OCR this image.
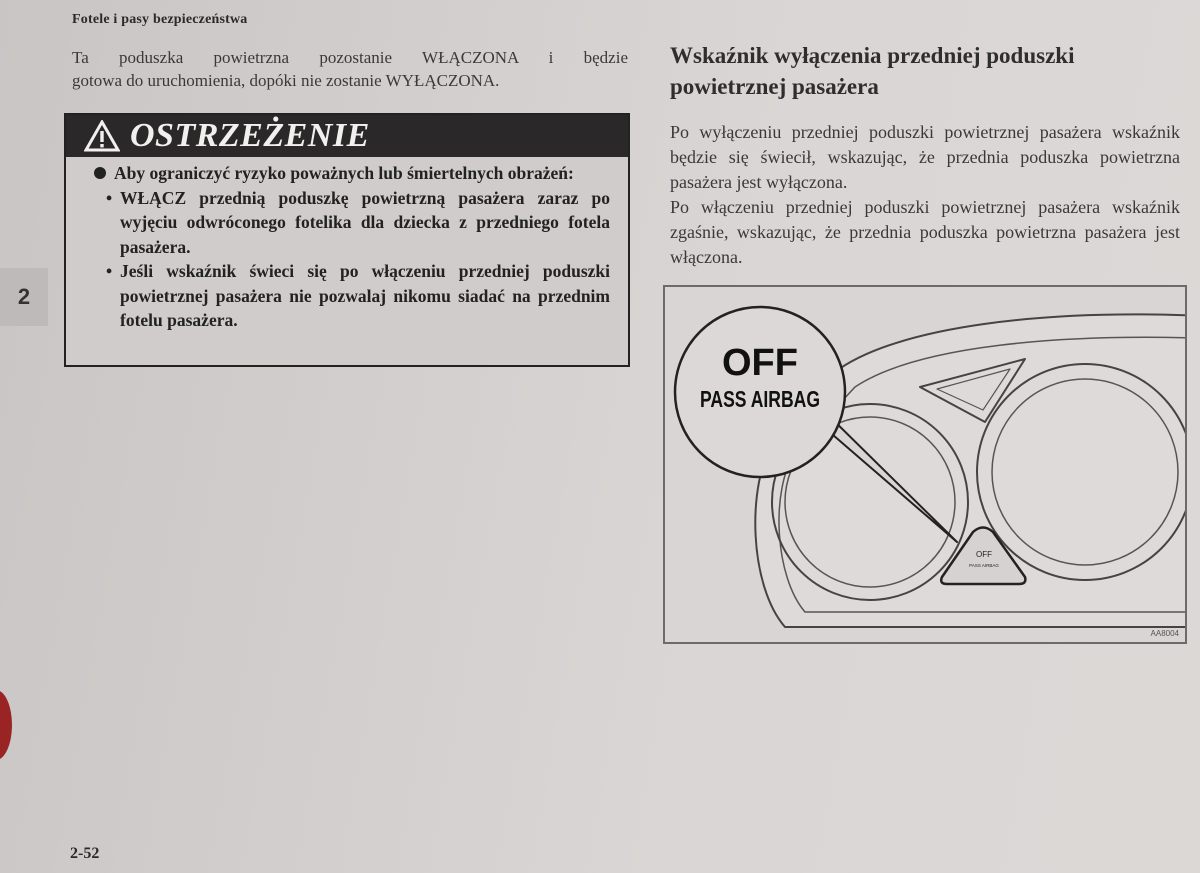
Fotele i pasy bezpieczeństwa
Ta poduszka powietrzna pozostanie WŁĄCZONA i będzie
gotowa do uruchomienia, dopóki nie zostanie WYŁĄCZONA.
OSTRZEŻENIE
Aby ograniczyć ryzyko poważnych lub śmiertelnych obrażeń:
• WŁĄCZ przednią poduszkę powietrzną pasażera zaraz po wyjęciu odwróconego fotelika dla dziecka z przedniego fotela pasażera.
• Jeśli wskaźnik świeci się po włączeniu przedniej poduszki powietrznej pasażera nie pozwalaj nikomu siadać na przednim fotelu pasażera.
2
2-52
Wskaźnik wyłączenia przedniej poduszki
powietrznej pasażera
Po wyłączeniu przedniej poduszki powietrznej pasażera wskaźnik będzie się świecił, wskazując, że przednia poduszka powietrzna pasażera jest wyłączona.
Po włączeniu przedniej poduszki powietrznej pasażera wskaźnik zgaśnie, wskazując, że przednia poduszka powietrzna pasażera jest włączona.
OFF
PASS AIRBAG
OFF
PASS AIRBAG
AA8004
